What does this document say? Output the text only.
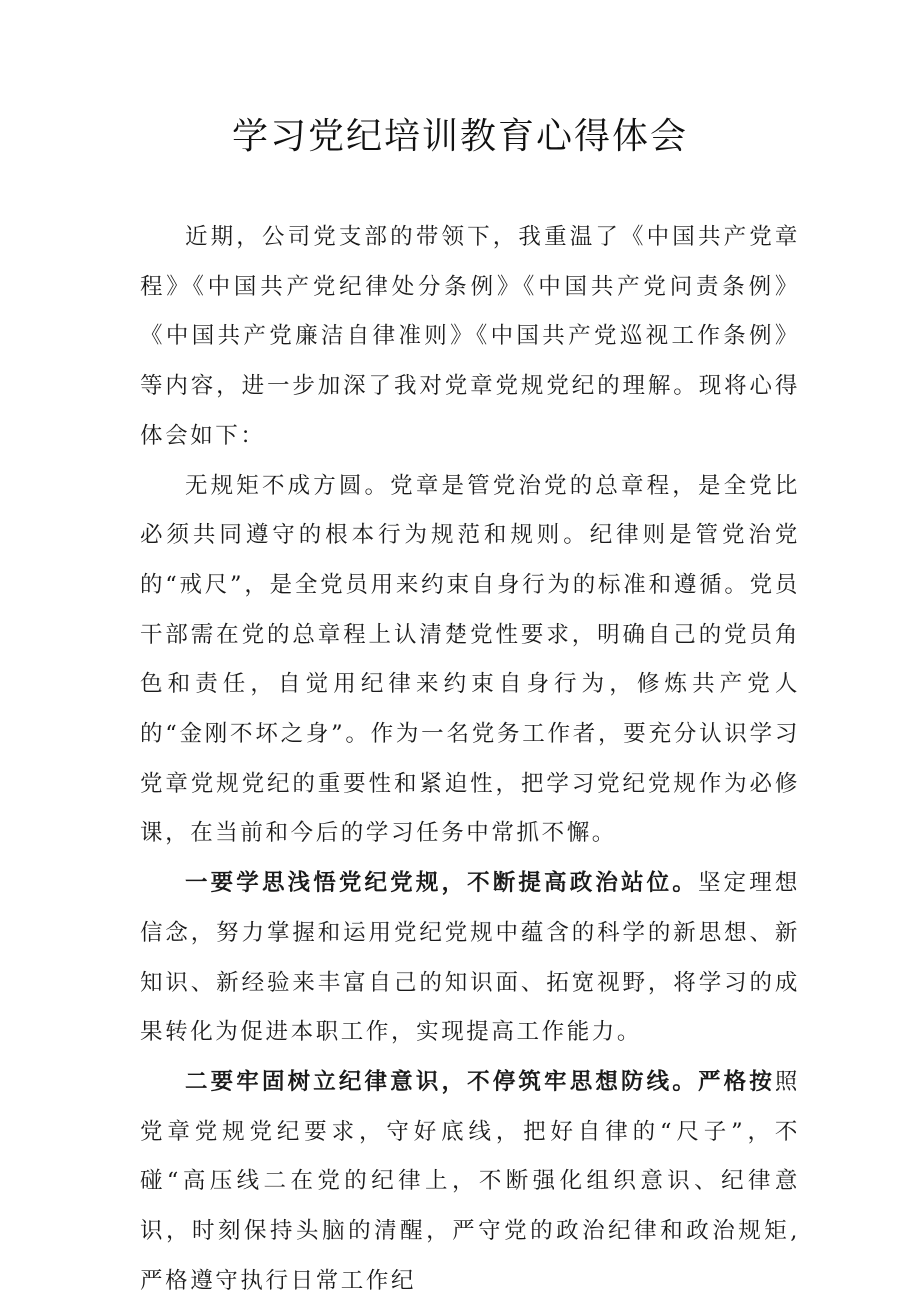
学习党纪培训教育心得体会

近期，公司党支部的带领下，我重温了《中国共产党章程》《中国共产党纪律处分条例》《中国共产党问责条例》《中国共产党廉洁自律准则》《中国共产党巡视工作条例》等内容，进一步加深了我对党章党规党纪的理解。现将心得体会如下：

无规矩不成方圆。党章是管党治党的总章程，是全党比必须共同遵守的根本行为规范和规则。纪律则是管党治党的“戒尺”，是全党员用来约束自身行为的标准和遵循。党员干部需在党的总章程上认清楚党性要求，明确自己的党员角色和责任，自觉用纪律来约束自身行为，修炼共产党人的“金刚不坏之身”。作为一名党务工作者，要充分认识学习党章党规党纪的重要性和紧迫性，把学习党纪党规作为必修课，在当前和今后的学习任务中常抓不懈。

一要学思浅悟党纪党规，不断提高政治站位。坚定理想信念，努力掌握和运用党纪党规中蕴含的科学的新思想、新知识、新经验来丰富自己的知识面、拓宽视野，将学习的成果转化为促进本职工作，实现提高工作能力。

二要牢固树立纪律意识，不停筑牢思想防线。严格按照党章党规党纪要求，守好底线，把好自律的“尺子”，不碰“高压线二在党的纪律上，不断强化组织意识、纪律意识，时刻保持头脑的清醒，严守党的政治纪律和政治规矩,严格遵守执行日常工作纪
